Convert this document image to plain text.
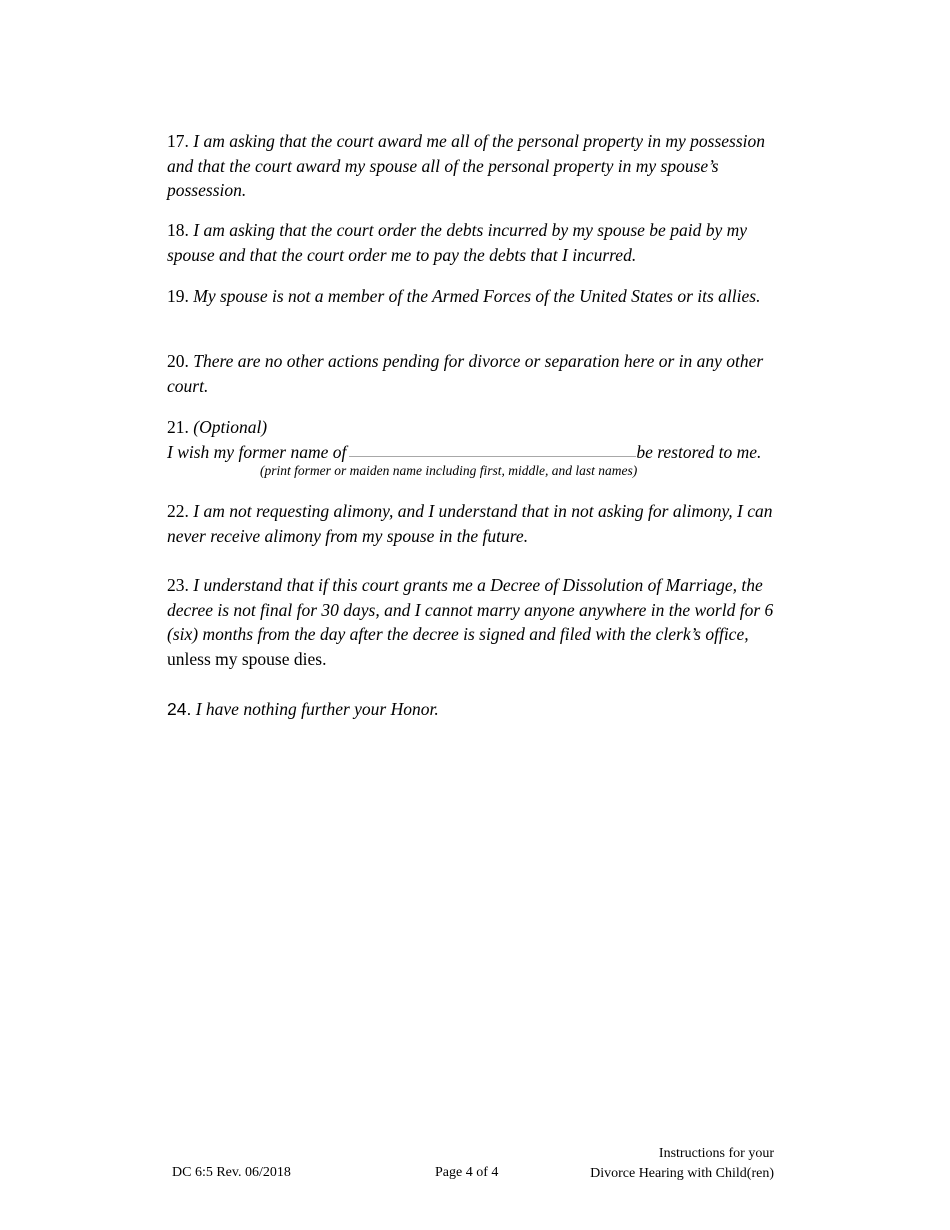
17. I am asking that the court award me all of the personal property in my possession and that the court award my spouse all of the personal property in my spouse’s possession.

18. I am asking that the court order the debts incurred by my spouse be paid by my spouse and that the court order me to pay the debts that I incurred.

19. My spouse is not a member of the Armed Forces of the United States or its allies.

20. There are no other actions pending for divorce or separation here or in any other court.

21. (Optional)
I wish my former name of	be restored to me.
(print former or maiden name including first, middle, and last names)

22. I am not requesting alimony, and I understand that in not asking for alimony, I can never receive alimony from my spouse in the future.

23. I understand that if this court grants me a Decree of Dissolution of Marriage, the decree is not final for 30 days, and I cannot marry anyone anywhere in the world for 6 (six) months from the day after the decree is signed and filed with the clerk’s office, unless my spouse dies.

24. I have nothing further your Honor.

DC 6:5 Rev. 06/2018	Page 4 of 4
Instructions for your
Divorce Hearing with Child(ren)
